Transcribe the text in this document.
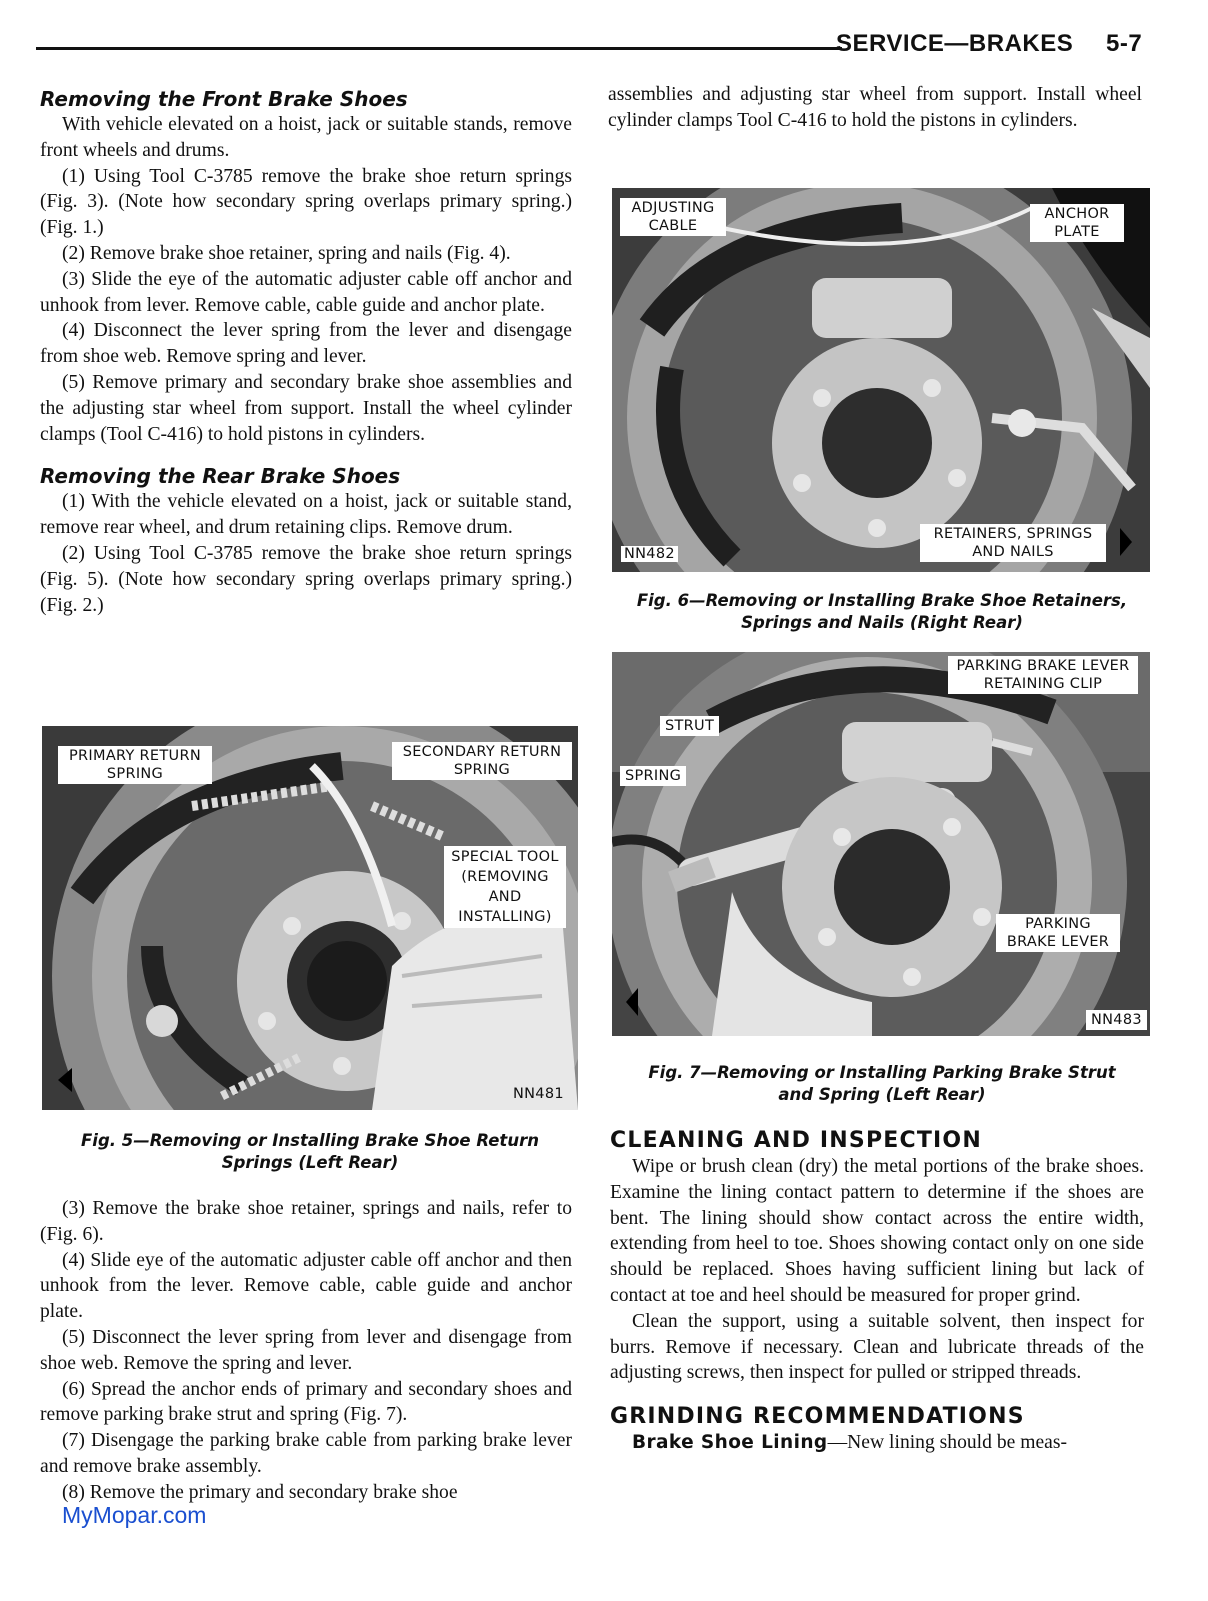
SERVICE—BRAKES 5-7
Removing the Front Brake Shoes

With vehicle elevated on a hoist, jack or suitable stands, remove front wheels and drums.

(1) Using Tool C-3785 remove the brake shoe return springs (Fig. 3). (Note how secondary spring overlaps primary spring.) (Fig. 1.)

(2) Remove brake shoe retainer, spring and nails (Fig. 4).

(3) Slide the eye of the automatic adjuster cable off anchor and unhook from lever. Remove cable, cable guide and anchor plate.

(4) Disconnect the lever spring from the lever and disengage from shoe web. Remove spring and lever.

(5) Remove primary and secondary brake shoe assemblies and the adjusting star wheel from support. Install the wheel cylinder clamps (Tool C-416) to hold pistons in cylinders.

Removing the Rear Brake Shoes

(1) With the vehicle elevated on a hoist, jack or suitable stand, remove rear wheel, and drum retaining clips. Remove drum.

(2) Using Tool C-3785 remove the brake shoe return springs (Fig. 5). (Note how secondary spring overlaps primary spring.) (Fig. 2.)

PRIMARY RETURN SPRING
SECONDARY RETURN SPRING
SPECIAL TOOL (REMOVING AND INSTALLING)
NN481
Fig. 5—Removing or Installing Brake Shoe Return
Springs (Left Rear)

(3) Remove the brake shoe retainer, springs and nails, refer to (Fig. 6).

(4) Slide eye of the automatic adjuster cable off anchor and then unhook from the lever. Remove cable, cable guide and anchor plate.

(5) Disconnect the lever spring from lever and disengage from shoe web. Remove the spring and lever.

(6) Spread the anchor ends of primary and secondary shoes and remove parking brake strut and spring (Fig. 7).

(7) Disengage the parking brake cable from parking brake lever and remove brake assembly.

(8) Remove the primary and secondary brake shoe

assemblies and adjusting star wheel from support. Install wheel cylinder clamps Tool C-416 to hold the pistons in cylinders.

ADJUSTING CABLE
ANCHOR PLATE
RETAINERS, SPRINGS AND NAILS
NN482
Fig. 6—Removing or Installing Brake Shoe Retainers,
Springs and Nails (Right Rear)
PARKING BRAKE LEVER RETAINING CLIP
STRUT
SPRING
PARKING BRAKE LEVER
NN483
Fig. 7—Removing or Installing Parking Brake Strut
and Spring (Left Rear)
CLEANING AND INSPECTION

Wipe or brush clean (dry) the metal portions of the brake shoes. Examine the lining contact pattern to determine if the shoes are bent. The lining should show contact across the entire width, extending from heel to toe. Shoes showing contact only on one side should be replaced. Shoes having sufficient lining but lack of contact at toe and heel should be measured for proper grind.

Clean the support, using a suitable solvent, then inspect for burrs. Remove if necessary. Clean and lubricate threads of the adjusting screws, then inspect for pulled or stripped threads.

GRINDING RECOMMENDATIONS

Brake Shoe Lining—New lining should be meas-

MyMopar.com
